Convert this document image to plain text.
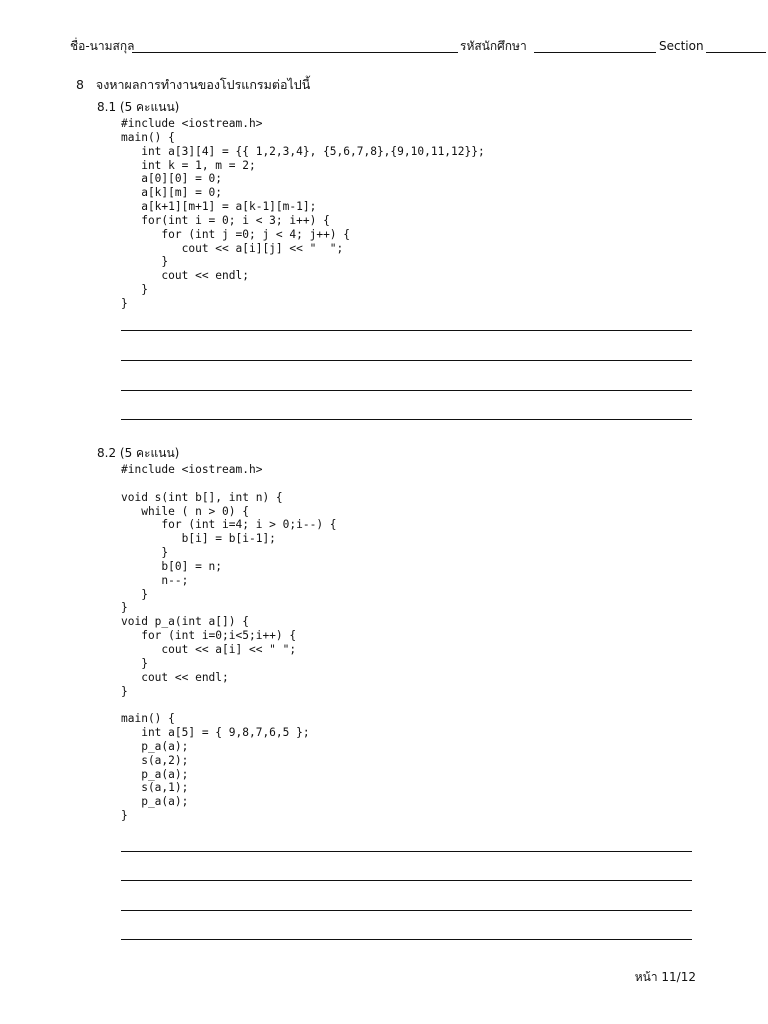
ชื่อ-นามสกุล	รหัสนักศึกษา	Section
8 จงหาผลการทำงานของโปรแกรมต่อไปนี้
8.1 (5 คะแนน)
#include <iostream.h>
main() {
int a[3][4] = {{ 1,2,3,4}, {5,6,7,8},{9,10,11,12}};
int k = 1, m = 2;
a[0][0] = 0;
a[k][m] = 0;
a[k+1][m+1] = a[k-1][m-1];
for(int i = 0; i < 3; i++) {
for (int j =0; j < 4; j++) {
cout << a[i][j] << "  ";
}
cout << endl;
}
}
8.2 (5 คะแนน)
#include <iostream.h>

void s(int b[], int n) {
while ( n > 0) {
for (int i=4; i > 0;i--) {
b[i] = b[i-1];
}
b[0] = n;
n--;
}
}
void p_a(int a[]) {
for (int i=0;i<5;i++) {
cout << a[i] << " ";
}
cout << endl;
}

main() {
int a[5] = { 9,8,7,6,5 };
p_a(a);
s(a,2);
p_a(a);
s(a,1);
p_a(a);
}
หน้า 11/12
